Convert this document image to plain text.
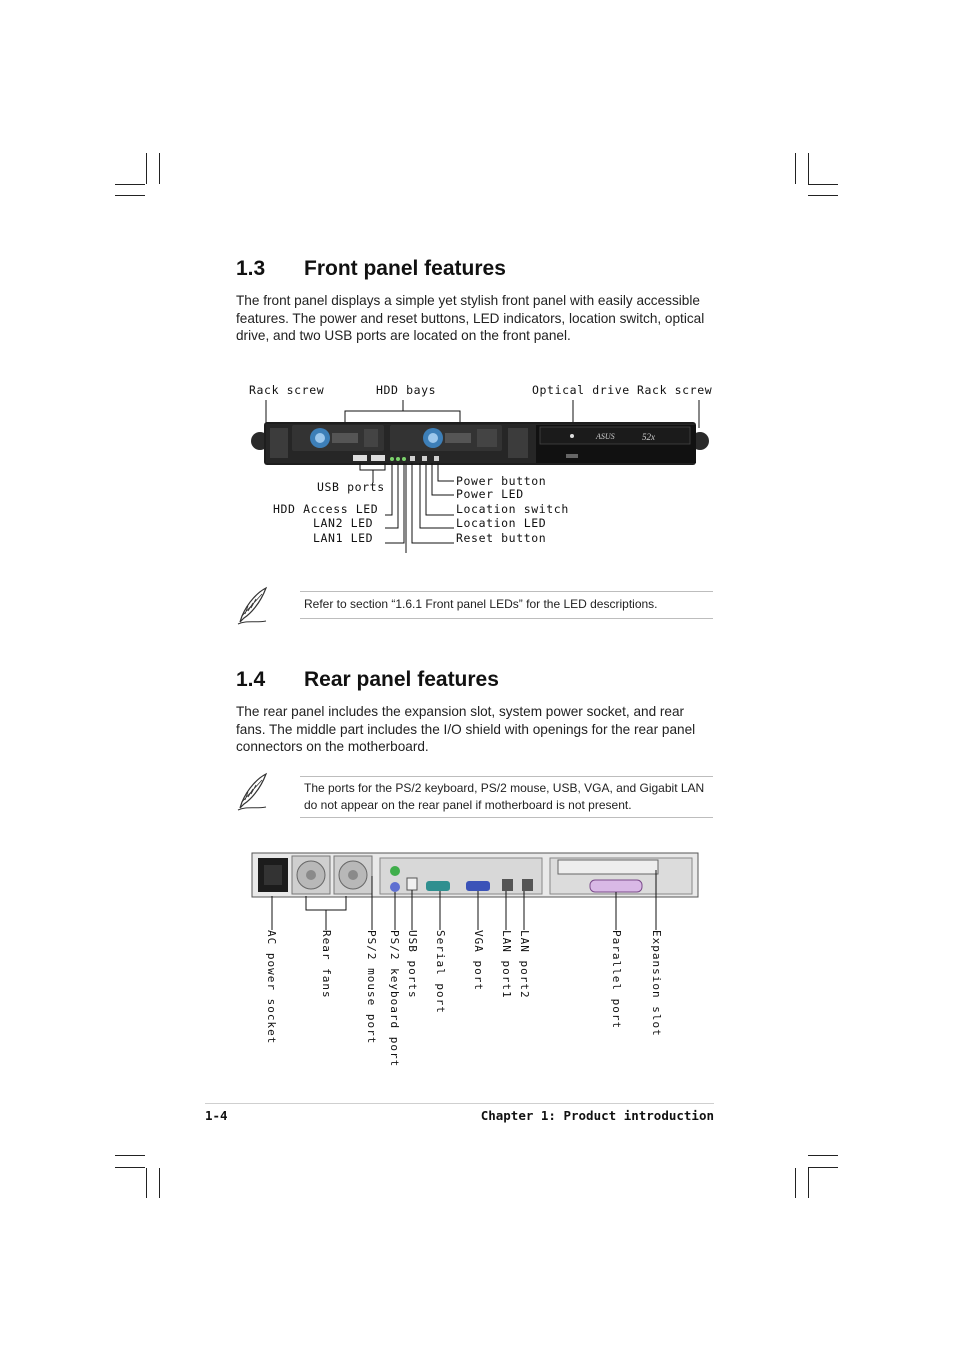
1.3 Front panel features
The front panel displays a simple yet stylish front panel with easily accessible features. The power and reset buttons, LED indicators, location switch, optical drive, and two USB ports are located on the front panel.
Rack screw	HDD bays	Optical drive Rack screw
ASUS	52x
USB ports
HDD Access LED
LAN2 LED
LAN1 LED
Power button
Power LED
Location switch
Location LED
Reset button
Refer to section “1.6.1 Front panel LEDs” for the LED descriptions.
1.4 Rear panel features
The rear panel includes the expansion slot, system power socket, and rear fans. The middle part includes the I/O shield with openings for the rear panel connectors on the motherboard.
The ports for the PS/2 keyboard, PS/2 mouse, USB, VGA, and Gigabit LAN do not appear on the rear panel if motherboard is not present.
AC power socket	Rear fans	PS/2 mouse port PS/2 keyboard port USB ports Serial port VGA port LAN port1 LAN port2	Parallel port Expansion slot
1-4	Chapter 1: Product introduction
